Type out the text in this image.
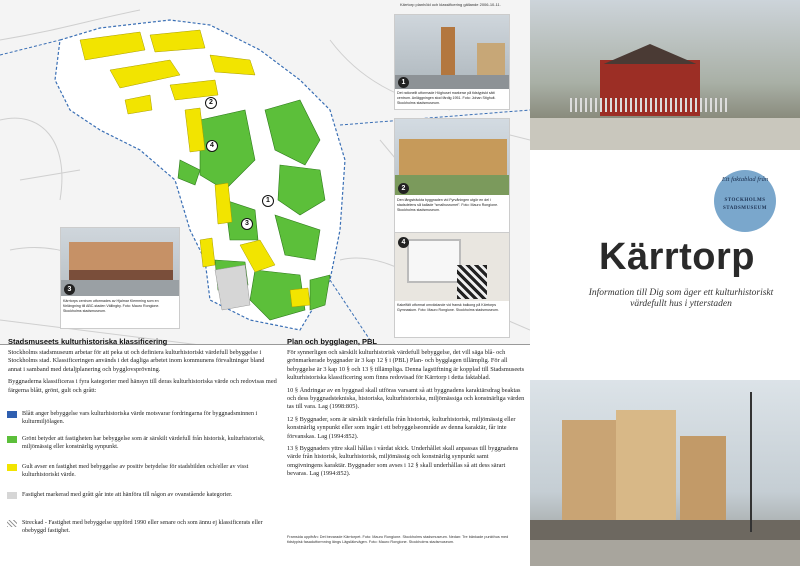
Kärrtorp planhöld och klassificering gällande 2006-10-11.
2
1
3
4
1
Det rationellt utformade Höghuset markerar på tidstypiskt sätt centrum. Anläggningen stod färdig 1951. Foto: Johan Stighult. Stockholms stadsmuseum.
2
Den långsträckta byggnaden vid Fyrvåningen utgör en del i stadsdelens så kallade ”smalhusrumet”. Foto: Mauro Rongione. Stockholms stadsmuseum.
4
Kakelfält utformat omväxlande vid fransk balkong på Kärrtorps Gymnasium. Foto: Mauro Rongione. Stockholms stadsmuseum.
3
Kärrtorps centrum utformades av Hjalmar Klemming som en förlängning till ABC-staden Vällingby. Foto: Mauro Rongione. Stockholms stadsmuseum.
Ett faktablad från
STOCKHOLMS
STADSMUSEUM
Kärrtorp
Information till Dig som äger ett kulturhistoriskt värdefullt hus i ytterstaden
Stadsmuseets kulturhistoriska klassificering

Stockholms stadsmuseum arbetar för att peka ut och definiera kulturhistoriskt värdefull bebyggelse i Stockholms stad. Klassificeringen används i det dagliga arbetet inom kommunens förvaltningar bland annat i samband med detaljplanering och bygglovsprövning.

Byggnaderna klassificeras i fyra kategorier med hänsyn till deras kulturhistoriska värde och redovisas med färgerna blått, grönt, gult och grått:

Blått anger bebyggelse vars kulturhistoriska värde motsvarar fordringarna för byggnadsminnen i kulturmiljölagen.
Grönt betyder att fastigheten har bebyggelse som är särskilt värdefull från historisk, kulturhistorisk, miljömässig eller konstnärlig synpunkt.
Gult avser en fastighet med bebyggelse av positiv betydelse för stadsbilden och/eller av visst kulturhistoriskt värde.
Fastighet markerad med grått går inte att hänföra till någon av ovanstående kategorier.
Streckad - Fastighet med bebyggelse uppförd 1990 eller senare och som ännu ej klassificerats eller obebyggd fastighet.
Plan och bygglagen, PBL

För synnerligen och särskilt kulturhistorisk värdefull bebyggelse, det vill säga blå- och grönmarkerade byggnader är 3 kap 12 § i (PBL) Plan- och bygglagen tillämplig. För all bebyggelse är 3 kap 10 § och 13 § tillämpliga. Denna lagstiftning är kopplad till Stadsmuseets kulturhistoriska klassificering som finns redovisad för Kärrtorp i detta faktablad.

10 § Ändringar av en byggnad skall utföras varsamt så att byggnadens karaktärsdrag beaktas och dess byggnadstekniska, historiska, kulturhistoriska, miljömässiga och konstnärliga värden tas till vara. Lag (1998:805).

12 § Byggnader, som är särskilt värdefulla från historisk, kulturhistorisk, miljömässig eller konstnärlig synpunkt eller som ingår i ett bebyggelseområde av denna karaktär, får inte förvanskas. Lag (1994:852).

13 § Byggnaders yttre skall hållas i vårdat skick. Underhållet skall anpassas till byggnadens värde från historisk, kulturhistorisk, miljömässig och konstnärlig synpunkt samt omgivningens karaktär. Byggnader som avses i 12 § skall underhållas så att dess särart bevaras. Lag (1994:852).

Framsida uppifrån: Det bevarade Kärrtorpet. Foto: Mauro Rongione. Stockholms stadsmuseum. Nedan: Tre bänkade punkthus med tidstypisk fasadutformning längs Lägsläkrvägen. Foto: Mauro Rongione. Stockholms stadsmuseum.
